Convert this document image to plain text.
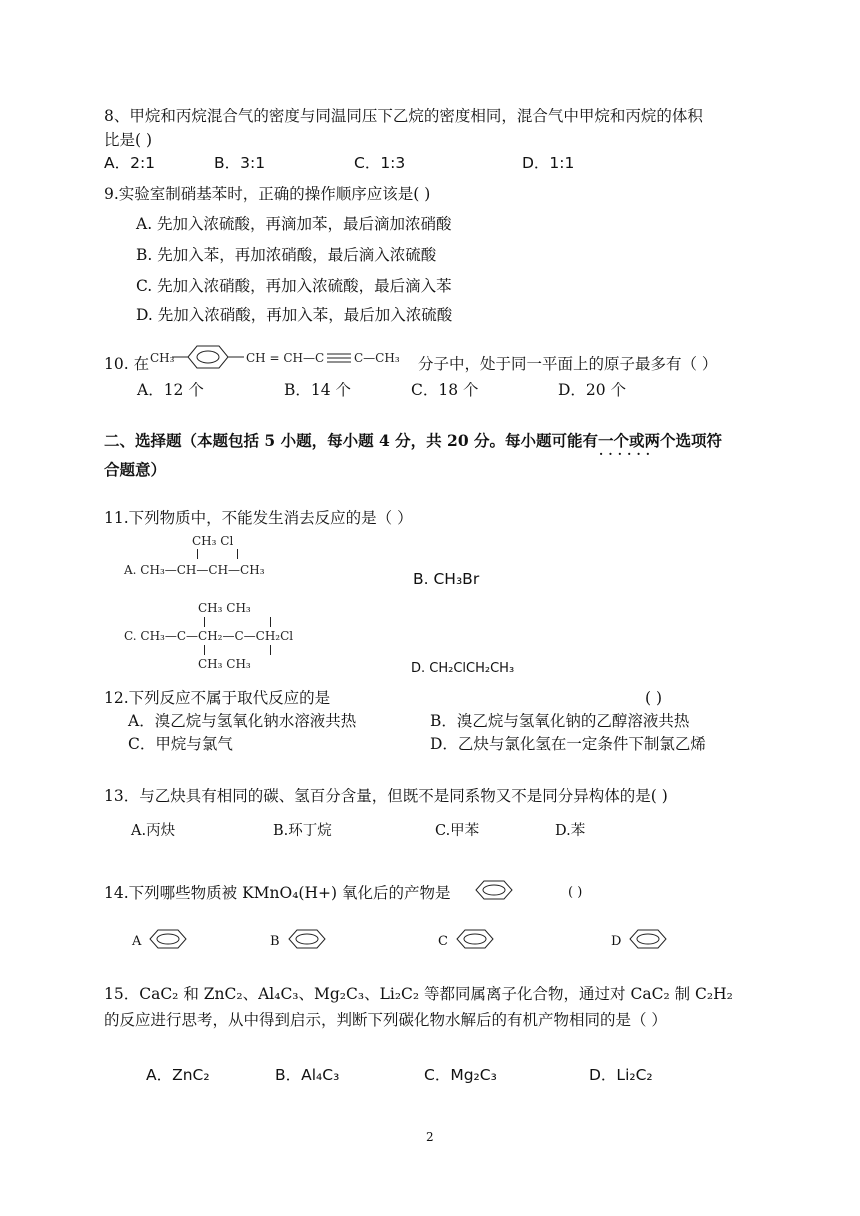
8、甲烷和丙烷混合气的密度与同温同压下乙烷的密度相同，混合气中甲烷和丙烷的体积
比是( )
A．2:1	B．3:1	C．1:3	D．1:1
9.实验室制硝基苯时，正确的操作顺序应该是( )
A. 先加入浓硫酸，再滴加苯，最后滴加浓硝酸
B. 先加入苯，再加浓硝酸，最后滴入浓硫酸
C. 先加入浓硝酸，再加入浓硫酸，最后滴入苯
D. 先加入浓硝酸，再加入苯，最后加入浓硫酸
10. 在 CH₃	CH = CH—C C—CH₃ 分子中，处于同一平面上的原子最多有（ ）
A．12 个	B．14 个	C．18 个	D．20 个
二、选择题（本题包括 5 小题，每小题 4 分，共 20 分。每小题可能有一个或两个 · · 选项符
合题意）
11.下列物质中，不能发生消去反应的是（ ）
CH₃ Cl
A. CH₃—CH—CH—CH₃	B. CH₃Br
CH₃ CH₃
C. CH₃—C—CH₂—C—CH₂Cl
CH₃ CH₃	D. CH₂ClCH₂CH₃
12.下列反应不属于取代反应的是	( )
A．溴乙烷与氢氧化钠水溶液共热	B．溴乙烷与氢氧化钠的乙醇溶液共热
C．甲烷与氯气	D．乙炔与氯化氢在一定条件下制氯乙烯
13．与乙炔具有相同的碳、氢百分含量，但既不是同系物又不是同分异构体的是( )
A.丙炔	B.环丁烷	C.甲苯	D.苯
14.下列哪些物质被 KMnO₄(H+) 氧化后的产物是	( )
A	B	C	D
15．CaC₂ 和 ZnC₂、Al₄C₃、Mg₂C₃、Li₂C₂ 等都同属离子化合物，通过对 CaC₂ 制 C₂H₂
的反应进行思考，从中得到启示，判断下列碳化物水解后的有机产物相同的是（ ）
A．ZnC₂	B．Al₄C₃	C．Mg₂C₃	D．Li₂C₂
2
